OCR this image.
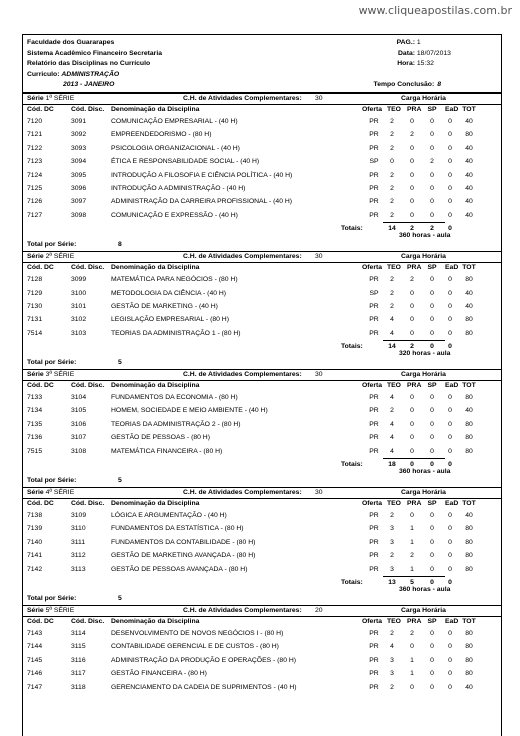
www.cliqueapostilas.com.br
Faculdade dos Guararapes
Sistema Acadêmico Financeiro Secretaria
Relatório das Disciplinas no Currículo
Curriculo: ADMINISTRAÇÃO
2013 - JANEIRO
PAG.: 1
Data: 18/07/2013
Hora: 15:32
Tempo Conclusão: 8
Série 1ª SÉRIE	C.H. de Atividades Complementares: 30	Carga Horária
Cód. DC	Cód. Disc. Denominação da Disciplina	Oferta TEO PRA SP EaD TOT
7120	3091	COMUNICAÇÃO EMPRESARIAL - (40 H)	PR	2	0	0	0	40
7121	3092	EMPREENDEDORISMO - (80 H)	PR	2	2	0	0	80
7122	3093	PSICOLOGIA ORGANIZACIONAL - (40 H)	PR	2	0	0	0	40
7123	3094	ÉTICA E RESPONSABILIDADE SOCIAL - (40 H)	SP	0	0	2	0	40
7124	3095	INTRODUÇÃO A FILOSOFIA E CIÊNCIA POLÍTICA - (40 H)	PR	2	0	0	0	40
7125	3096	INTRODUÇÃO A ADMINISTRAÇÃO - (40 H)	PR	2	0	0	0	40
7126	3097	ADMINISTRAÇÃO DA CARREIRA PROFISSIONAL - (40 H)	PR	2	0	0	0	40
7127	3098	COMUNICAÇÃO E EXPRESSÃO - (40 H)	PR	2	0	0	0	40
Totais:	14	2	2	0
360 horas - aula
Total por Série:	8
Série 2ª SÉRIE	C.H. de Atividades Complementares: 30	Carga Horária
Cód. DC	Cód. Disc. Denominação da Disciplina	Oferta TEO PRA SP EaD TOT
7128	3099	MATEMÁTICA PARA NEGÓCIOS - (80 H)	PR	2	2	0	0	80
7129	3100	METODOLOGIA DA CIÊNCIA - (40 H)	SP	2	0	0	0	40
7130	3101	GESTÃO DE MARKETING - (40 H)	PR	2	0	0	0	40
7131	3102	LEGISLAÇÃO EMPRESARIAL - (80 H)	PR	4	0	0	0	80
7514	3103	TEORIAS DA ADMINISTRAÇÃO 1 - (80 H)	PR	4	0	0	0	80
Totais:	14	2	0	0
320 horas - aula
Total por Série:	5
Série 3ª SÉRIE	C.H. de Atividades Complementares: 30	Carga Horária
Cód. DC	Cód. Disc. Denominação da Disciplina	Oferta TEO PRA SP EaD TOT
7133	3104	FUNDAMENTOS DA ECONOMIA - (80 H)	PR	4	0	0	0	80
7134	3105	HOMEM, SOCIEDADE E MEIO AMBIENTE - (40 H)	PR	2	0	0	0	40
7135	3106	TEORIAS DA ADMINISTRAÇÃO 2 - (80 H)	PR	4	0	0	0	80
7136	3107	GESTÃO DE PESSOAS - (80 H)	PR	4	0	0	0	80
7515	3108	MATEMÁTICA FINANCEIRA - (80 H)	PR	4	0	0	0	80
Totais:	18	0	0	0
360 horas - aula
Total por Série:	5
Série 4ª SÉRIE	C.H. de Atividades Complementares: 30	Carga Horária
Cód. DC	Cód. Disc. Denominação da Disciplina	Oferta TEO PRA SP EaD TOT
7138	3109	LÓGICA E ARGUMENTAÇÃO - (40 H)	PR	2	0	0	0	40
7139	3110	FUNDAMENTOS DA ESTATÍSTICA - (80 H)	PR	3	1	0	0	80
7140	3111	FUNDAMENTOS DA CONTABILIDADE - (80 H)	PR	3	1	0	0	80
7141	3112	GESTÃO DE MARKETING AVANÇADA - (80 H)	PR	2	2	0	0	80
7142	3113	GESTÃO DE PESSOAS AVANÇADA - (80 H)	PR	3	1	0	0	80
Totais:	13	5	0	0
360 horas - aula
Total por Série:	5
Série 5ª SÉRIE	C.H. de Atividades Complementares: 20	Carga Horária
Cód. DC	Cód. Disc. Denominação da Disciplina	Oferta TEO PRA SP EaD TOT
7143	3114	DESENVOLVIMENTO DE NOVOS NEGÓCIOS I - (80 H)	PR	2	2	0	0	80
7144	3115	CONTABILIDADE GERENCIAL E DE CUSTOS - (80 H)	PR	4	0	0	0	80
7145	3116	ADMINISTRAÇÃO DA PRODUÇÃO E OPERAÇÕES - (80 H)	PR	3	1	0	0	80
7146	3117	GESTÃO FINANCEIRA - (80 H)	PR	3	1	0	0	80
7147	3118	GERENCIAMENTO DA CADEIA DE SUPRIMENTOS - (40 H)	PR	2	0	0	0	40
